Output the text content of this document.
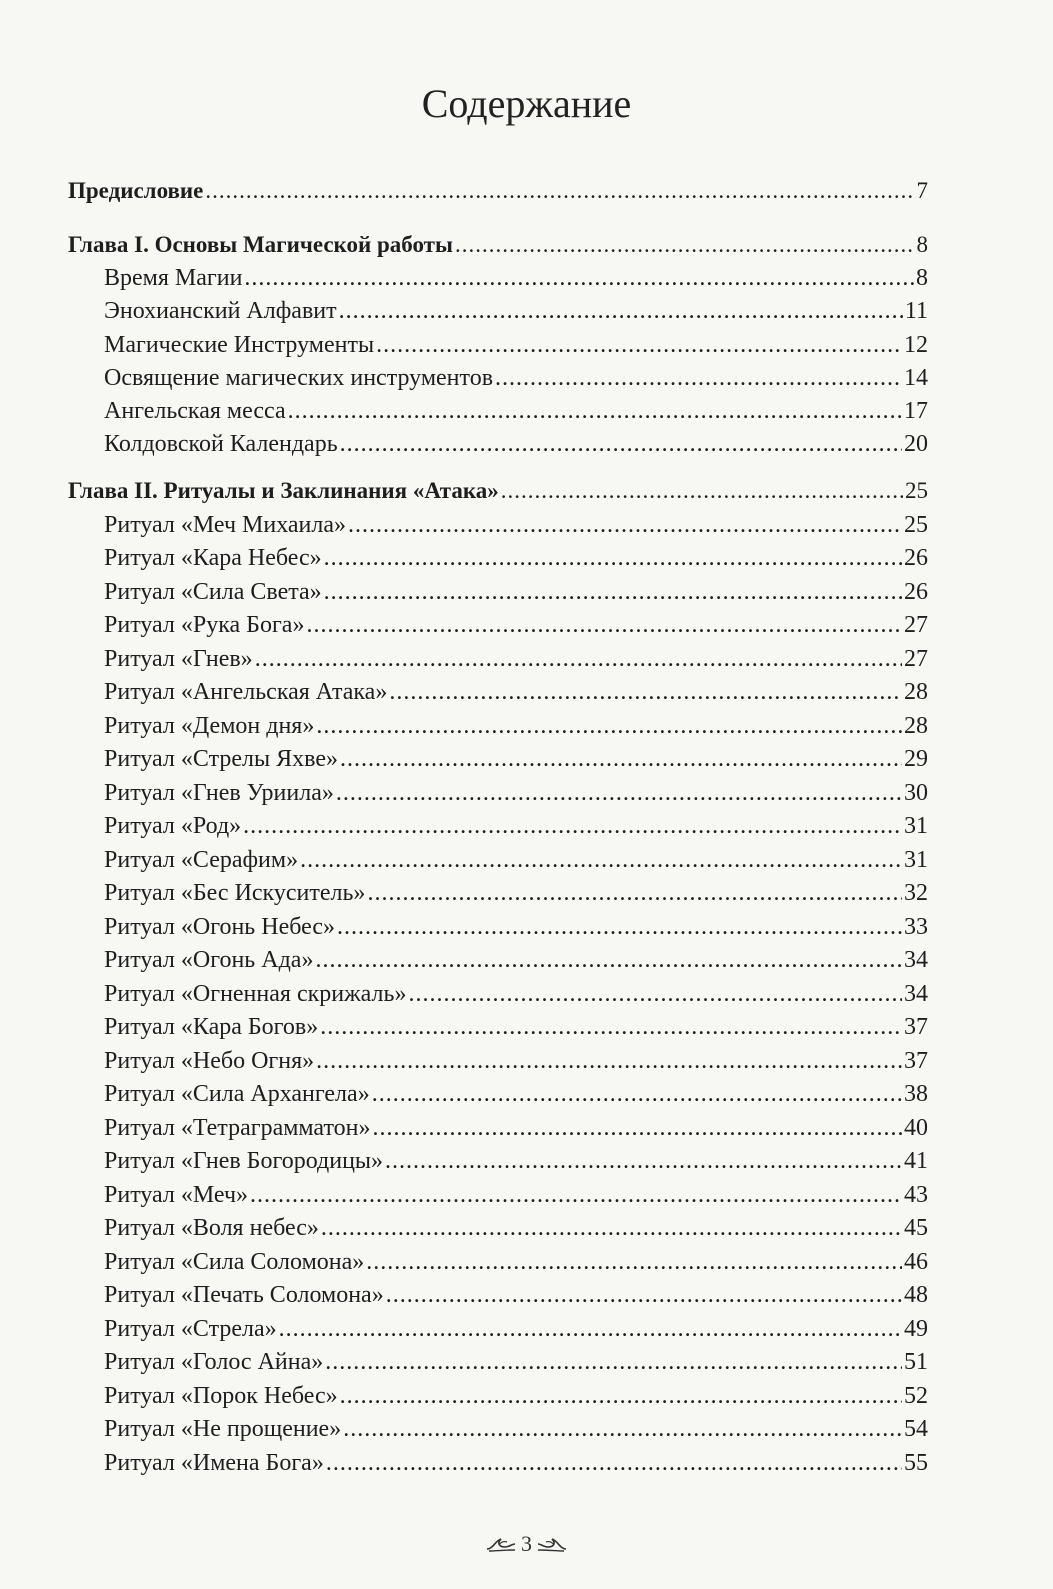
Содержание
Предисловие .....	7
Глава I. Основы Магической работы .....	8
Время Магии .....	8
Энохианский Алфавит .....	11
Магические Инструменты .....	12
Освящение магических инструментов .....	14
Ангельская месса .....	17
Колдовской Календарь .....	20
Глава II. Ритуалы и Заклинания «Атака» .....	25
Ритуал «Меч Михаила» .....	25
Ритуал «Кара Небес» .....	26
Ритуал «Сила Света» .....	26
Ритуал «Рука Бога» .....	27
Ритуал «Гнев» .....	27
Ритуал «Ангельская Атака» .....	28
Ритуал «Демон дня» .....	28
Ритуал «Стрелы Яхве» .....	29
Ритуал «Гнев Уриила» .....	30
Ритуал «Род» .....	31
Ритуал «Серафим» .....	31
Ритуал «Бес Искуситель» .....	32
Ритуал «Огонь Небес» .....	33
Ритуал «Огонь Ада» .....	34
Ритуал «Огненная скрижаль» .....	34
Ритуал «Кара Богов» .....	37
Ритуал «Небо Огня» .....	37
Ритуал «Сила Архангела» .....	38
Ритуал «Тетраграмматон» .....	40
Ритуал «Гнев Богородицы» .....	41
Ритуал «Меч» .....	43
Ритуал «Воля небес» .....	45
Ритуал «Сила Соломона» .....	46
Ритуал «Печать Соломона» .....	48
Ритуал «Стрела» .....	49
Ритуал «Голос Айна» .....	51
Ритуал «Порок Небес» .....	52
Ритуал «Не прощение» .....	54
Ритуал «Имена Бога» .....	55
3
